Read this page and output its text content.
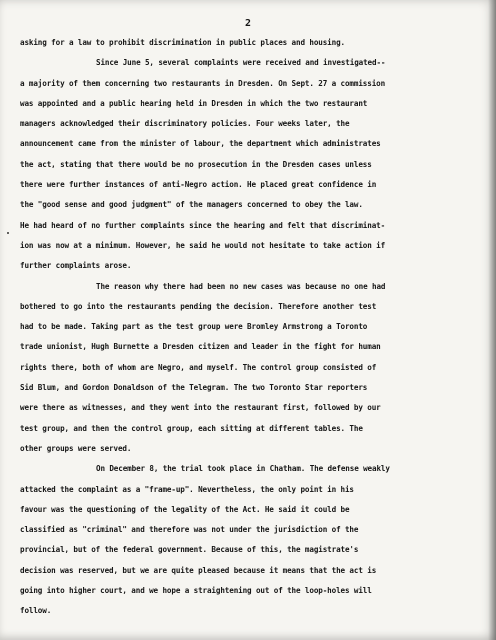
2
asking for a law to prohibit discrimination in public places and housing.
Since June 5, several complaints were received and investigated--
a majority of them concerning two restaurants in Dresden. On Sept. 27 a commission
was appointed and a public hearing held in Dresden in which the two restaurant
managers acknowledged their discriminatory policies. Four weeks later, the
announcement came from the minister of labour, the department which administrates
the act, stating that there would be no prosecution in the Dresden cases unless
there were further instances of anti-Negro action. He placed great confidence in
the "good sense and good judgment" of the managers concerned to obey the law.
He had heard of no further complaints since the hearing and felt that discriminat-
ion was now at a minimum. However, he said he would not hesitate to take action if
further complaints arose.
The reason why there had been no new cases was because no one had
bothered to go into the restaurants pending the decision. Therefore another test
had to be made. Taking part as the test group were Bromley Armstrong a Toronto
trade unionist, Hugh Burnette a Dresden citizen and leader in the fight for human
rights there, both of whom are Negro, and myself. The control group consisted of
Sid Blum, and Gordon Donaldson of the Telegram. The two Toronto Star reporters
were there as witnesses, and they went into the restaurant first, followed by our
test group, and then the control group, each sitting at different tables. The
other groups were served.
On December 8, the trial took place in Chatham. The defense weakly
attacked the complaint as a "frame-up". Nevertheless, the only point in his
favour was the questioning of the legality of the Act. He said it could be
classified as "criminal" and therefore was not under the jurisdiction of the
provincial, but of the federal government. Because of this, the magistrate's
decision was reserved, but we are quite pleased because it means that the act is
going into higher court, and we hope a straightening out of the loop-holes will
follow.
